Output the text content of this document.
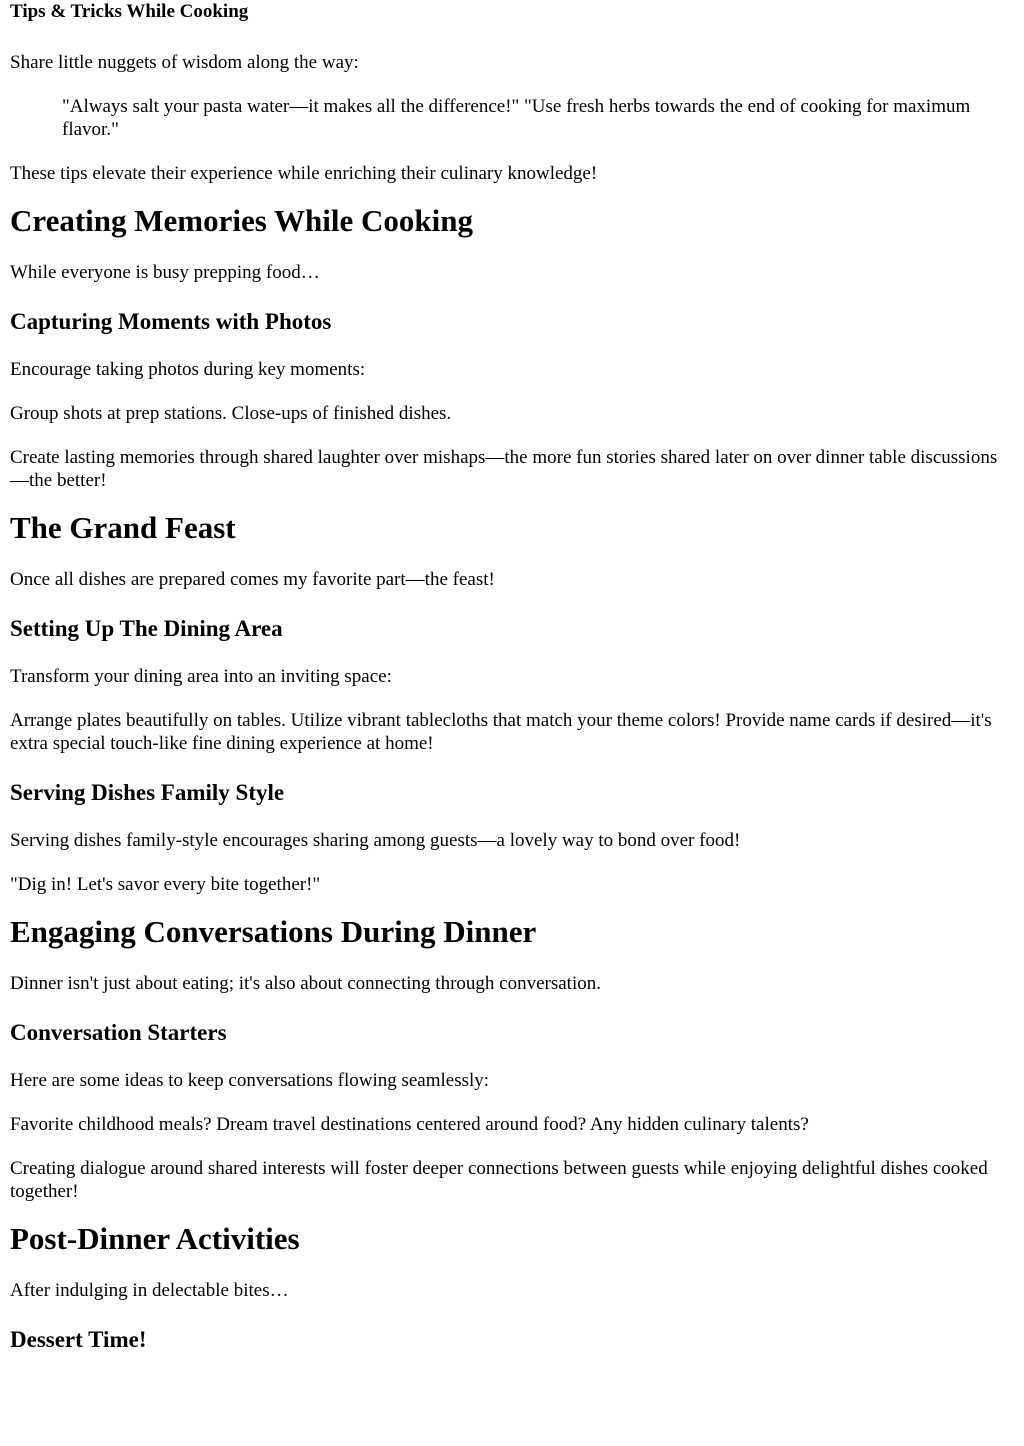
Tips & Tricks While Cooking

Share little nuggets of wisdom along the way:

"Always salt your pasta water—it makes all the difference!" "Use fresh herbs towards the end of cooking for maximum flavor."

These tips elevate their experience while enriching their culinary knowledge!

Creating Memories While Cooking

While everyone is busy prepping food…

Capturing Moments with Photos

Encourage taking photos during key moments:

Group shots at prep stations. Close-ups of finished dishes.

Create lasting memories through shared laughter over mishaps—the more fun stories shared later on over dinner table discussions—the better!

The Grand Feast

Once all dishes are prepared comes my favorite part—the feast!

Setting Up The Dining Area

Transform your dining area into an inviting space:

Arrange plates beautifully on tables. Utilize vibrant tablecloths that match your theme colors! Provide name cards if desired—it's extra special touch-like fine dining experience at home!

Serving Dishes Family Style

Serving dishes family-style encourages sharing among guests—a lovely way to bond over food!

"Dig in! Let's savor every bite together!"

Engaging Conversations During Dinner

Dinner isn't just about eating; it's also about connecting through conversation.

Conversation Starters

Here are some ideas to keep conversations flowing seamlessly:

Favorite childhood meals? Dream travel destinations centered around food? Any hidden culinary talents?

Creating dialogue around shared interests will foster deeper connections between guests while enjoying delightful dishes cooked together!

Post-Dinner Activities

After indulging in delectable bites…

Dessert Time!
